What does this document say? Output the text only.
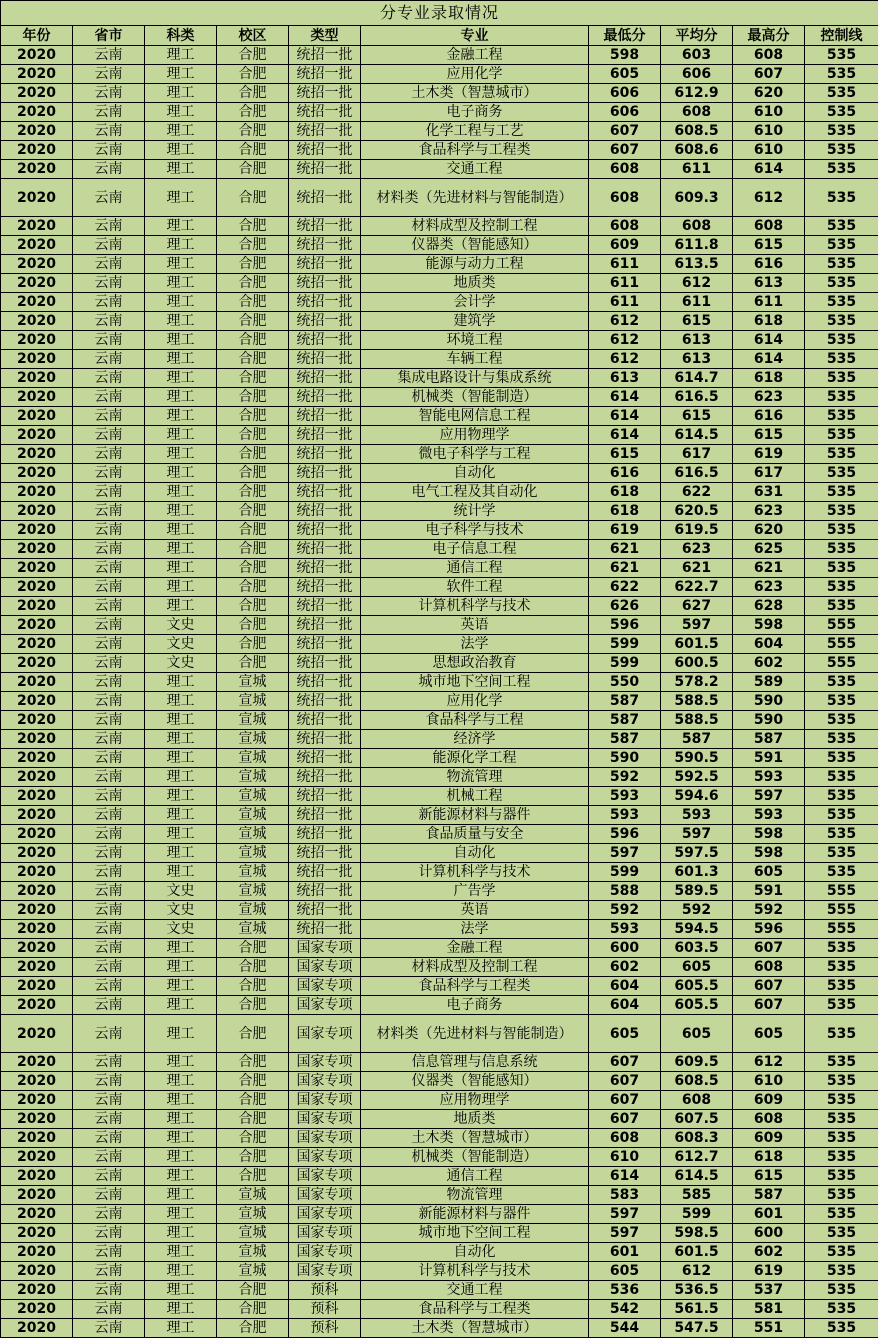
分专业录取情况
年份	省市	科类	校区	类型	专业	最低分	平均分	最高分	控制线
2020	云南	理工	合肥	统招一批	金融工程	598	603	608	535
2020	云南	理工	合肥	统招一批	应用化学	605	606	607	535
2020	云南	理工	合肥	统招一批	土木类（智慧城市）	606	612.9	620	535
2020	云南	理工	合肥	统招一批	电子商务	606	608	610	535
2020	云南	理工	合肥	统招一批	化学工程与工艺	607	608.5	610	535
2020	云南	理工	合肥	统招一批	食品科学与工程类	607	608.6	610	535
2020	云南	理工	合肥	统招一批	交通工程	608	611	614	535
2020	云南	理工	合肥	统招一批	材料类（先进材料与智能制造）	608	609.3	612	535
2020	云南	理工	合肥	统招一批	材料成型及控制工程	608	608	608	535
2020	云南	理工	合肥	统招一批	仪器类（智能感知）	609	611.8	615	535
2020	云南	理工	合肥	统招一批	能源与动力工程	611	613.5	616	535
2020	云南	理工	合肥	统招一批	地质类	611	612	613	535
2020	云南	理工	合肥	统招一批	会计学	611	611	611	535
2020	云南	理工	合肥	统招一批	建筑学	612	615	618	535
2020	云南	理工	合肥	统招一批	环境工程	612	613	614	535
2020	云南	理工	合肥	统招一批	车辆工程	612	613	614	535
2020	云南	理工	合肥	统招一批	集成电路设计与集成系统	613	614.7	618	535
2020	云南	理工	合肥	统招一批	机械类（智能制造）	614	616.5	623	535
2020	云南	理工	合肥	统招一批	智能电网信息工程	614	615	616	535
2020	云南	理工	合肥	统招一批	应用物理学	614	614.5	615	535
2020	云南	理工	合肥	统招一批	微电子科学与工程	615	617	619	535
2020	云南	理工	合肥	统招一批	自动化	616	616.5	617	535
2020	云南	理工	合肥	统招一批	电气工程及其自动化	618	622	631	535
2020	云南	理工	合肥	统招一批	统计学	618	620.5	623	535
2020	云南	理工	合肥	统招一批	电子科学与技术	619	619.5	620	535
2020	云南	理工	合肥	统招一批	电子信息工程	621	623	625	535
2020	云南	理工	合肥	统招一批	通信工程	621	621	621	535
2020	云南	理工	合肥	统招一批	软件工程	622	622.7	623	535
2020	云南	理工	合肥	统招一批	计算机科学与技术	626	627	628	535
2020	云南	文史	合肥	统招一批	英语	596	597	598	555
2020	云南	文史	合肥	统招一批	法学	599	601.5	604	555
2020	云南	文史	合肥	统招一批	思想政治教育	599	600.5	602	555
2020	云南	理工	宣城	统招一批	城市地下空间工程	550	578.2	589	535
2020	云南	理工	宣城	统招一批	应用化学	587	588.5	590	535
2020	云南	理工	宣城	统招一批	食品科学与工程	587	588.5	590	535
2020	云南	理工	宣城	统招一批	经济学	587	587	587	535
2020	云南	理工	宣城	统招一批	能源化学工程	590	590.5	591	535
2020	云南	理工	宣城	统招一批	物流管理	592	592.5	593	535
2020	云南	理工	宣城	统招一批	机械工程	593	594.6	597	535
2020	云南	理工	宣城	统招一批	新能源材料与器件	593	593	593	535
2020	云南	理工	宣城	统招一批	食品质量与安全	596	597	598	535
2020	云南	理工	宣城	统招一批	自动化	597	597.5	598	535
2020	云南	理工	宣城	统招一批	计算机科学与技术	599	601.3	605	535
2020	云南	文史	宣城	统招一批	广告学	588	589.5	591	555
2020	云南	文史	宣城	统招一批	英语	592	592	592	555
2020	云南	文史	宣城	统招一批	法学	593	594.5	596	555
2020	云南	理工	合肥	国家专项	金融工程	600	603.5	607	535
2020	云南	理工	合肥	国家专项	材料成型及控制工程	602	605	608	535
2020	云南	理工	合肥	国家专项	食品科学与工程类	604	605.5	607	535
2020	云南	理工	合肥	国家专项	电子商务	604	605.5	607	535
2020	云南	理工	合肥	国家专项	材料类（先进材料与智能制造）	605	605	605	535
2020	云南	理工	合肥	国家专项	信息管理与信息系统	607	609.5	612	535
2020	云南	理工	合肥	国家专项	仪器类（智能感知）	607	608.5	610	535
2020	云南	理工	合肥	国家专项	应用物理学	607	608	609	535
2020	云南	理工	合肥	国家专项	地质类	607	607.5	608	535
2020	云南	理工	合肥	国家专项	土木类（智慧城市）	608	608.3	609	535
2020	云南	理工	合肥	国家专项	机械类（智能制造）	610	612.7	618	535
2020	云南	理工	合肥	国家专项	通信工程	614	614.5	615	535
2020	云南	理工	宣城	国家专项	物流管理	583	585	587	535
2020	云南	理工	宣城	国家专项	新能源材料与器件	597	599	601	535
2020	云南	理工	宣城	国家专项	城市地下空间工程	597	598.5	600	535
2020	云南	理工	宣城	国家专项	自动化	601	601.5	602	535
2020	云南	理工	宣城	国家专项	计算机科学与技术	605	612	619	535
2020	云南	理工	合肥	预科	交通工程	536	536.5	537	535
2020	云南	理工	合肥	预科	食品科学与工程类	542	561.5	581	535
2020	云南	理工	合肥	预科	土木类（智慧城市）	544	547.5	551	535
